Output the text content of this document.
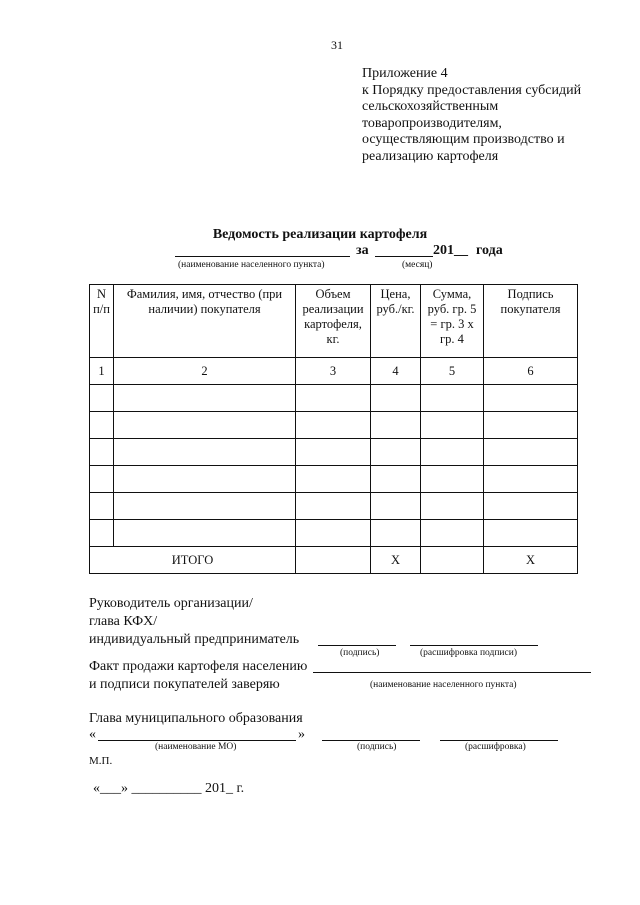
31
Приложение 4
к Порядку предоставления субсидий
сельскохозяйственным
товаропроизводителям,
осуществляющим производство и
реализацию картофеля
Ведомость реализации картофеля
за	201__ года
(наименование населенного пункта)	(месяц)
N п/п	Фамилия, имя, отчество (при наличии) покупателя	Объем реализации картофеля, кг.	Цена, руб./кг.	Сумма, руб. гр. 5 = гр. 3 х гр. 4	Подпись покупателя
1	2	3	4	5	6

ИТОГО			Х		Х
Руководитель организации/
глава КФХ/
индивидуальный предприниматель
(подпись)	(расшифровка подписи)
Факт продажи картофеля населению
и подписи покупателей заверяю	(наименование населенного пункта)
Глава муниципального образования
«	»
(наименование МО)	(подпись)	(расшифровка)
М.П.
«___» __________ 201_ г.
